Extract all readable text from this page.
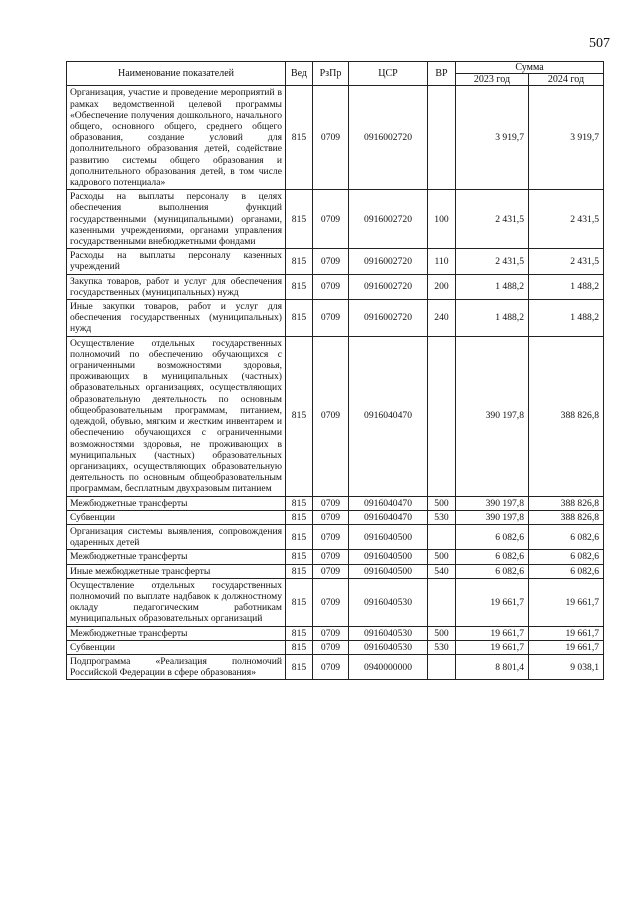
507
Наименование показателей	Вед	РзПр	ЦСР	ВР	Сумма	
					2023 год	2024 год
Организация, участие и проведение мероприятий в рамках ведомственной целевой программы «Обеспечение получения дошкольного, начального общего, основного общего, среднего общего образования, создание условий для дополнительного образования детей, содействие развитию системы общего образования и дополнительного образования детей, в том числе кадрового потенциала»	815	0709	0916002720		3 919,7	3 919,7
Расходы на выплаты персоналу в целях обеспечения выполнения функций государственными (муниципальными) органами, казенными учреждениями, органами управления государственными внебюджетными фондами	815	0709	0916002720	100	2 431,5	2 431,5
Расходы на выплаты персоналу казенных учреждений	815	0709	0916002720	110	2 431,5	2 431,5
Закупка товаров, работ и услуг для обеспечения государственных (муниципальных) нужд	815	0709	0916002720	200	1 488,2	1 488,2
Иные закупки товаров, работ и услуг для обеспечения государственных (муниципальных) нужд	815	0709	0916002720	240	1 488,2	1 488,2
Осуществление отдельных государственных полномочий по обеспечению обучающихся с ограниченными возможностями здоровья, проживающих в муниципальных (частных) образовательных организациях, осуществляющих образовательную деятельность по основным общеобразовательным программам, питанием, одеждой, обувью, мягким и жестким инвентарем и обеспечению обучающихся с ограниченными возможностями здоровья, не проживающих в муниципальных (частных) образовательных организациях, осуществляющих образовательную деятельность по основным общеобразовательным программам, бесплатным двухразовым питанием	815	0709	0916040470		390 197,8	388 826,8
Межбюджетные трансферты	815	0709	0916040470	500	390 197,8	388 826,8
Субвенции	815	0709	0916040470	530	390 197,8	388 826,8
Организация системы выявления, сопровождения одаренных детей	815	0709	0916040500		6 082,6	6 082,6
Межбюджетные трансферты	815	0709	0916040500	500	6 082,6	6 082,6
Иные межбюджетные трансферты	815	0709	0916040500	540	6 082,6	6 082,6
Осуществление отдельных государственных полномочий по выплате надбавок к должностному окладу педагогическим работникам муниципальных образовательных организаций	815	0709	0916040530		19 661,7	19 661,7
Межбюджетные трансферты	815	0709	0916040530	500	19 661,7	19 661,7
Субвенции	815	0709	0916040530	530	19 661,7	19 661,7
Подпрограмма «Реализация полномочий Российской Федерации в сфере образования»	815	0709	0940000000		8 801,4	9 038,1
